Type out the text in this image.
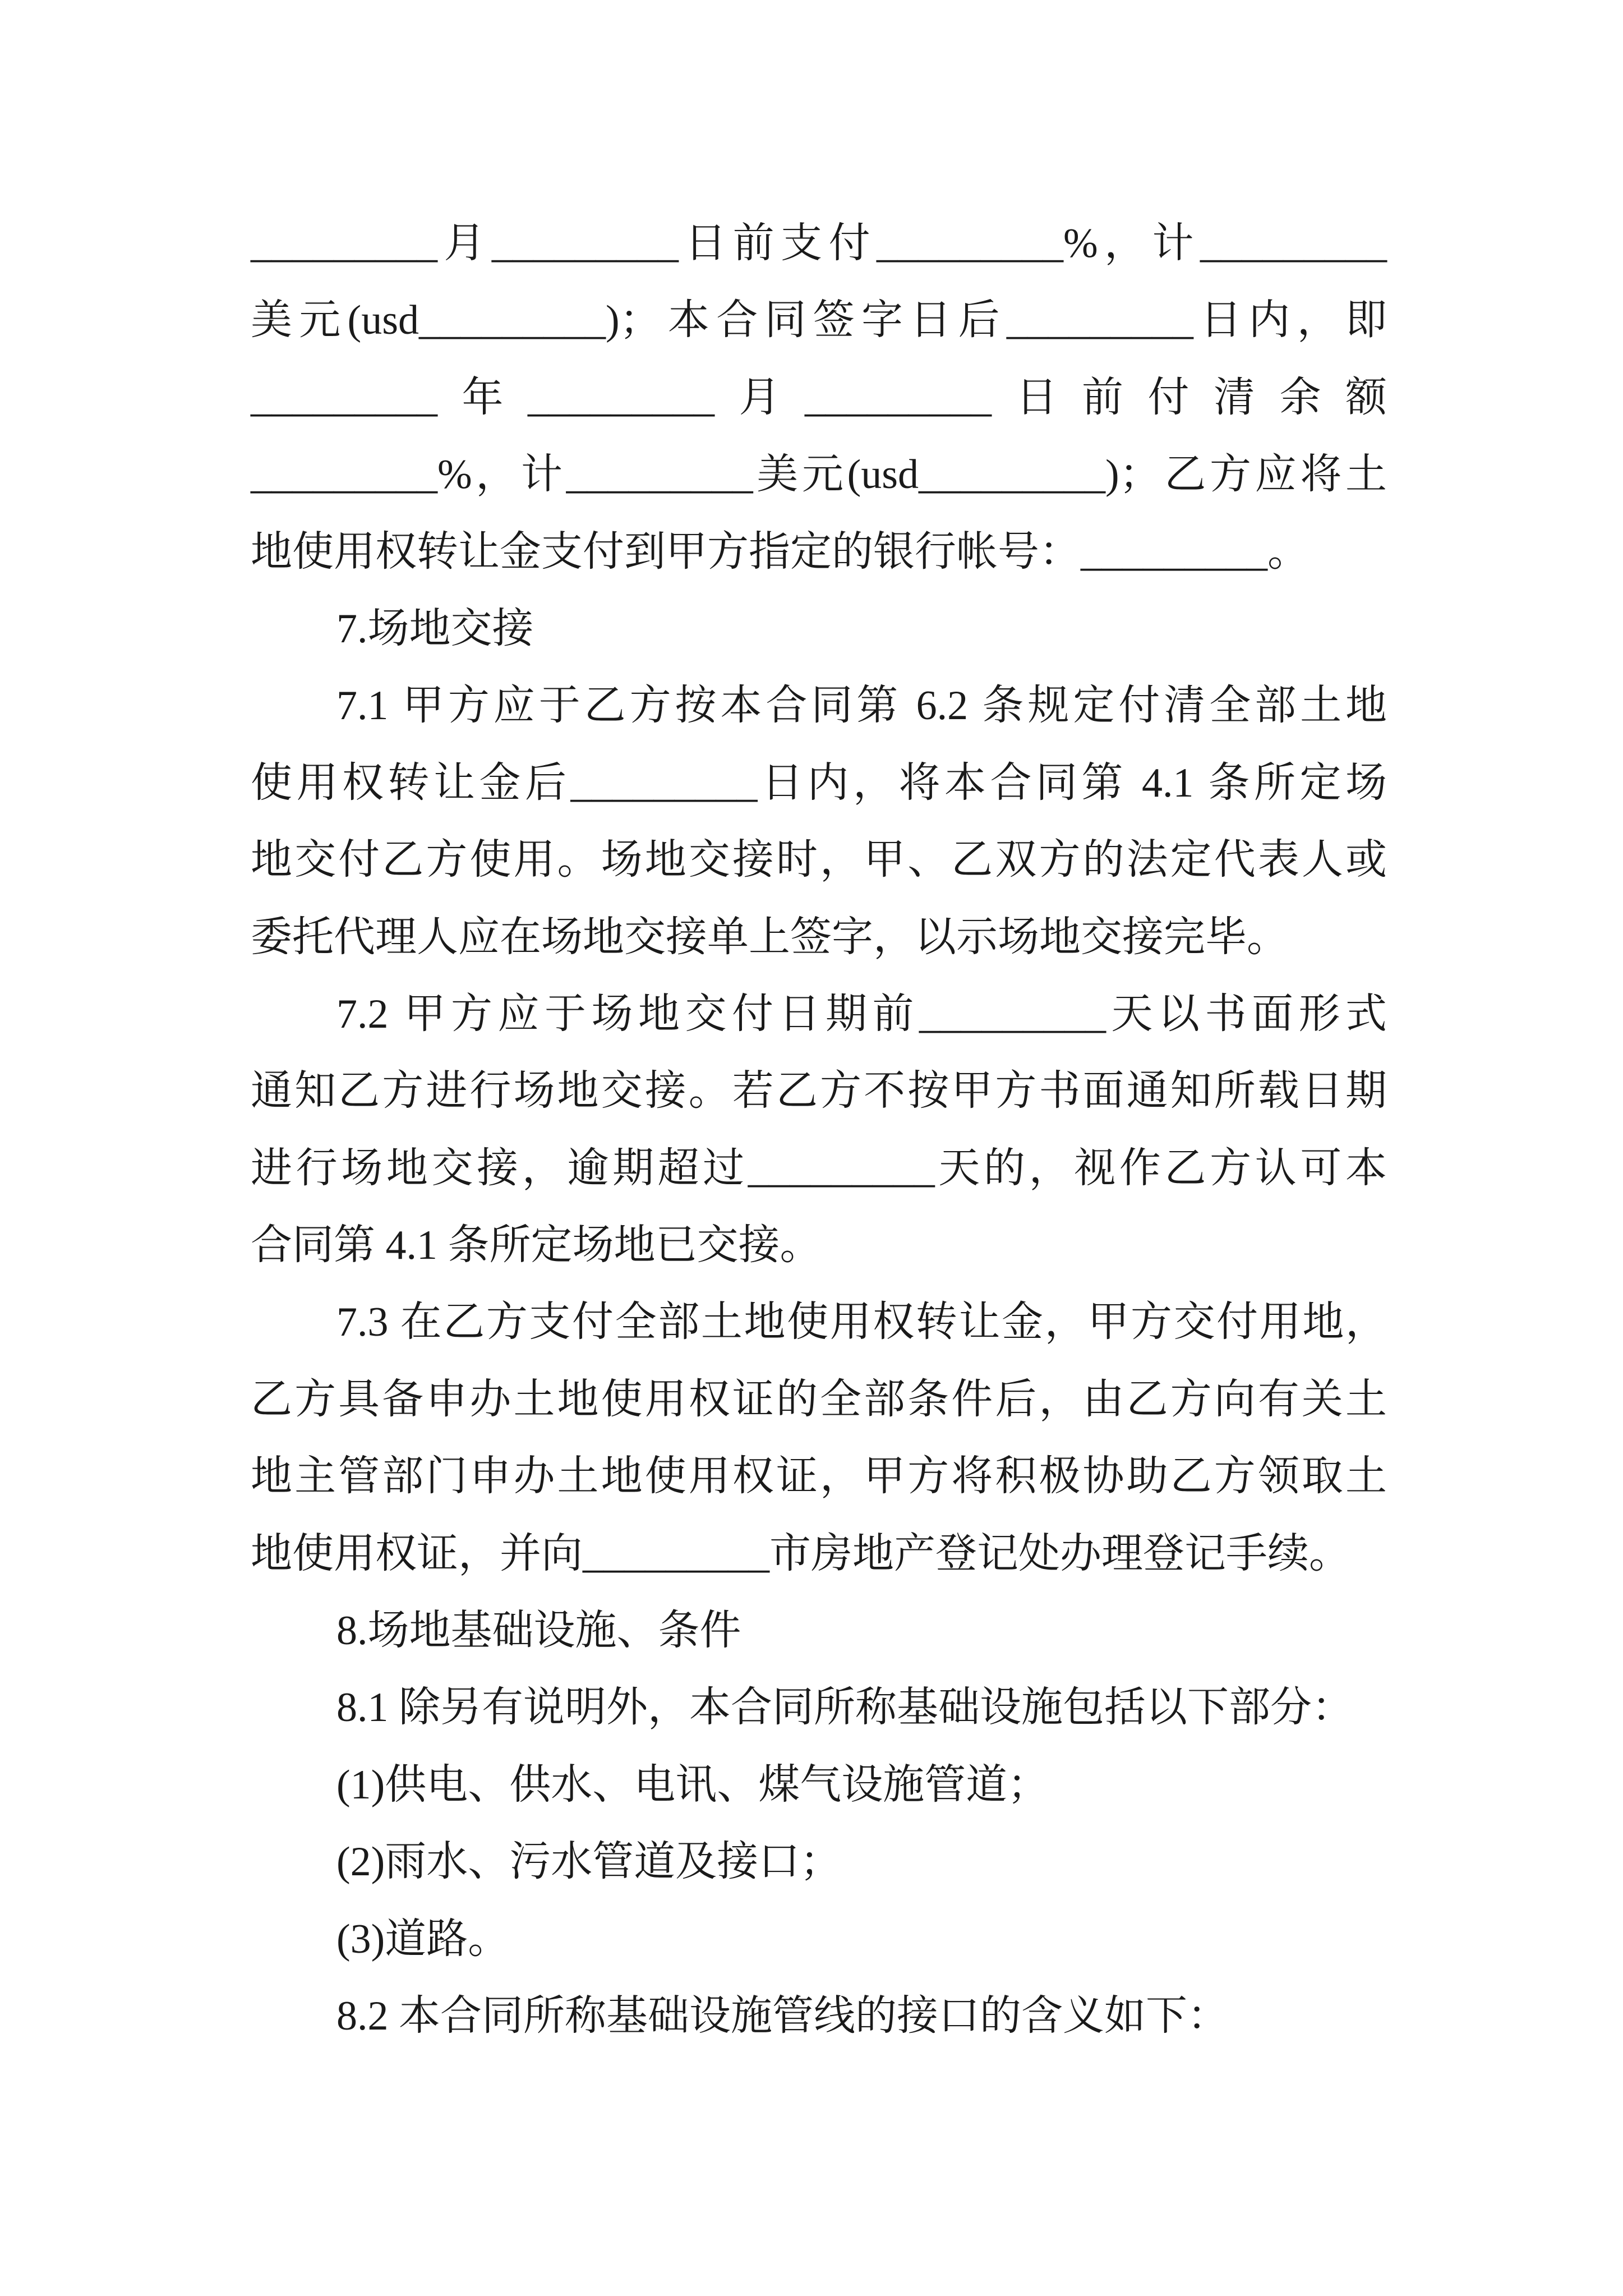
_________月_________日前支付_________%，计_________
美元(usd_________)；本合同签字日后_________日内，即
_________年_________月_________日前付清余额
_________%，计_________美元(usd_________)；乙方应将土
地使用权转让金支付到甲方指定的银行帐号：_________。
7.场地交接
7.1 甲方应于乙方按本合同第 6.2 条规定付清全部土地
使用权转让金后_________日内，将本合同第 4.1 条所定场
地交付乙方使用。场地交接时，甲、乙双方的法定代表人或
委托代理人应在场地交接单上签字，以示场地交接完毕。
7.2 甲方应于场地交付日期前_________天以书面形式
通知乙方进行场地交接。若乙方不按甲方书面通知所载日期
进行场地交接，逾期超过_________天的，视作乙方认可本
合同第 4.1 条所定场地已交接。
7.3 在乙方支付全部土地使用权转让金，甲方交付用地，
乙方具备申办土地使用权证的全部条件后，由乙方向有关土
地主管部门申办土地使用权证，甲方将积极协助乙方领取土
地使用权证，并向_________市房地产登记处办理登记手续。
8.场地基础设施、条件
8.1 除另有说明外，本合同所称基础设施包括以下部分：
(1)供电、供水、电讯、煤气设施管道；
(2)雨水、污水管道及接口；
(3)道路。
8.2 本合同所称基础设施管线的接口的含义如下：
